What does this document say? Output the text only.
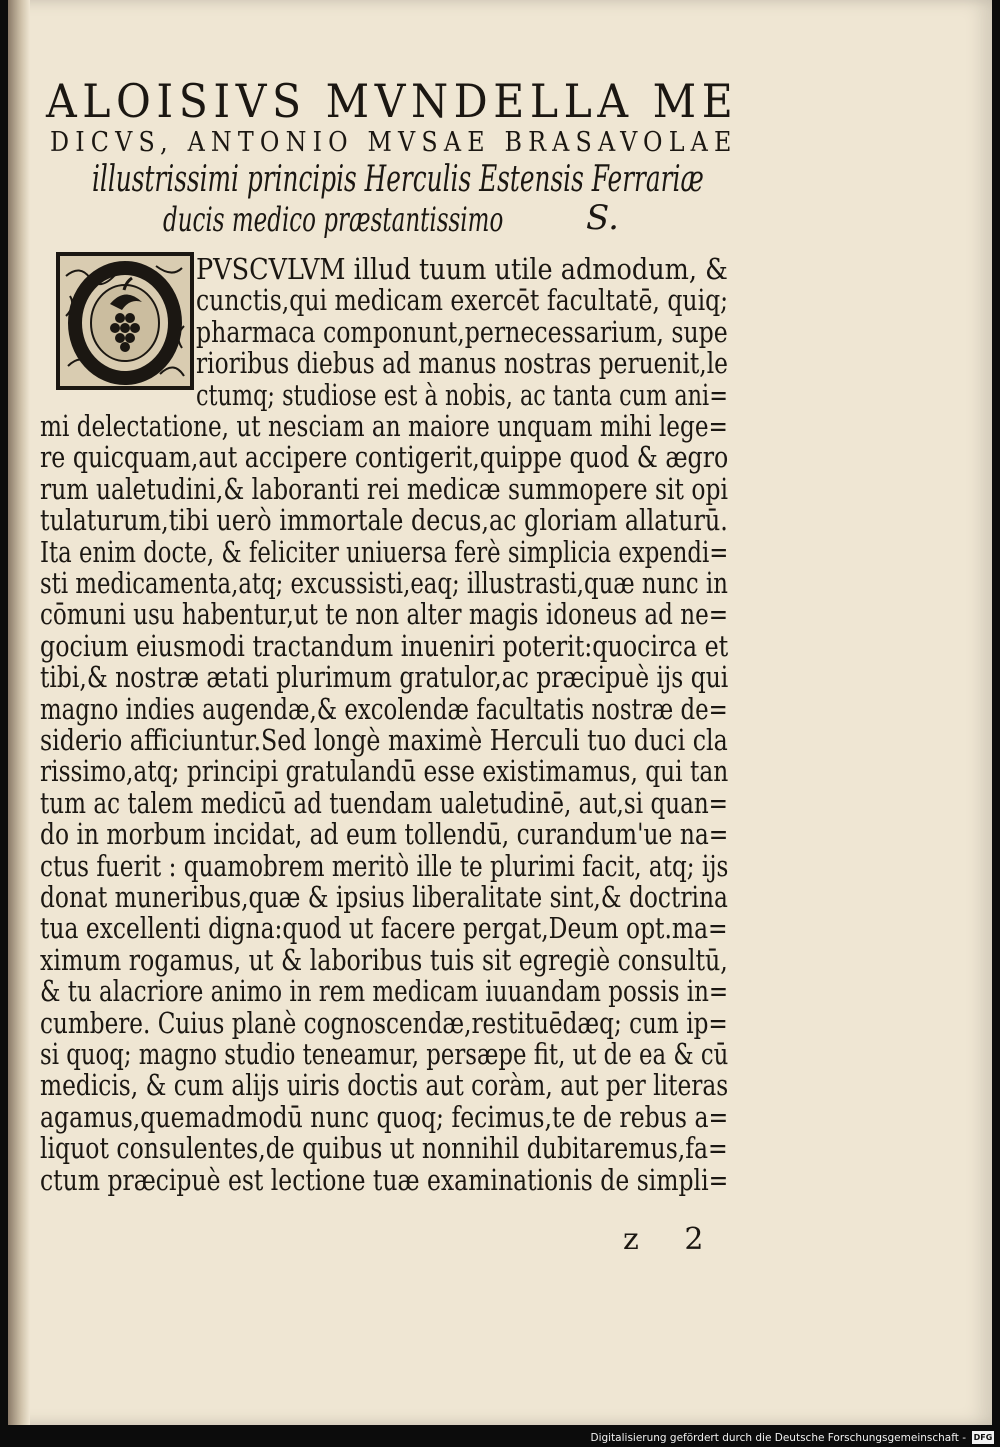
ALOISIVS MVNDELLA ME
DICVS, ANTONIO MVSAE BRASAVOLAE
illustrissimi principis Herculis Estensis Ferrariæ
ducis medico præstantissimo S.
PVSCVLVM illud tuum utile admodum, &
cunctis,qui medicam exercēt facultatē, quiq;
pharmaca componunt,pernecessarium, supe
rioribus diebus ad manus nostras peruenit,le
ctumq; studiose est à nobis, ac tanta cum ani=
mi delectatione, ut nesciam an maiore unquam mihi lege=
re quicquam,aut accipere contigerit,quippe quod & ægro
rum ualetudini,& laboranti rei medicæ summopere sit opi
tulaturum,tibi uerò immortale decus,ac gloriam allaturū.
Ita enim docte, & feliciter uniuersa ferè simplicia expendi=
sti medicamenta,atq; excussisti,eaq; illustrasti,quæ nunc in
cōmuni usu habentur,ut te non alter magis idoneus ad ne=
gocium eiusmodi tractandum inueniri poterit:quocirca et
tibi,& nostræ ætati plurimum gratulor,ac præcipuè ijs qui
magno indies augendæ,& excolendæ facultatis nostræ de=
siderio afficiuntur.Sed longè maximè Herculi tuo duci cla
rissimo,atq; principi gratulandū esse existimamus, qui tan
tum ac talem medicū ad tuendam ualetudinē, aut,si quan=
do in morbum incidat, ad eum tollendū, curandum'ue na=
ctus fuerit : quamobrem meritò ille te plurimi facit, atq; ijs
donat muneribus,quæ & ipsius liberalitate sint,& doctrina
tua excellenti digna:quod ut facere pergat,Deum opt.ma=
ximum rogamus, ut & laboribus tuis sit egregiè consultū,
& tu alacriore animo in rem medicam iuuandam possis in=
cumbere. Cuius planè cognoscendæ,restituēdæq; cum ip=
si quoq; magno studio teneamur, persæpe fit, ut de ea & cū
medicis, & cum alijs uiris doctis aut coràm, aut per literas
agamus,quemadmodū nunc quoq; fecimus,te de rebus a=
liquot consulentes,de quibus ut nonnihil dubitaremus,fa=
ctum præcipuè est lectione tuæ examinationis de simpli=
z 2
Digitalisierung gefördert durch die Deutsche Forschungsgemeinschaft - DFG
